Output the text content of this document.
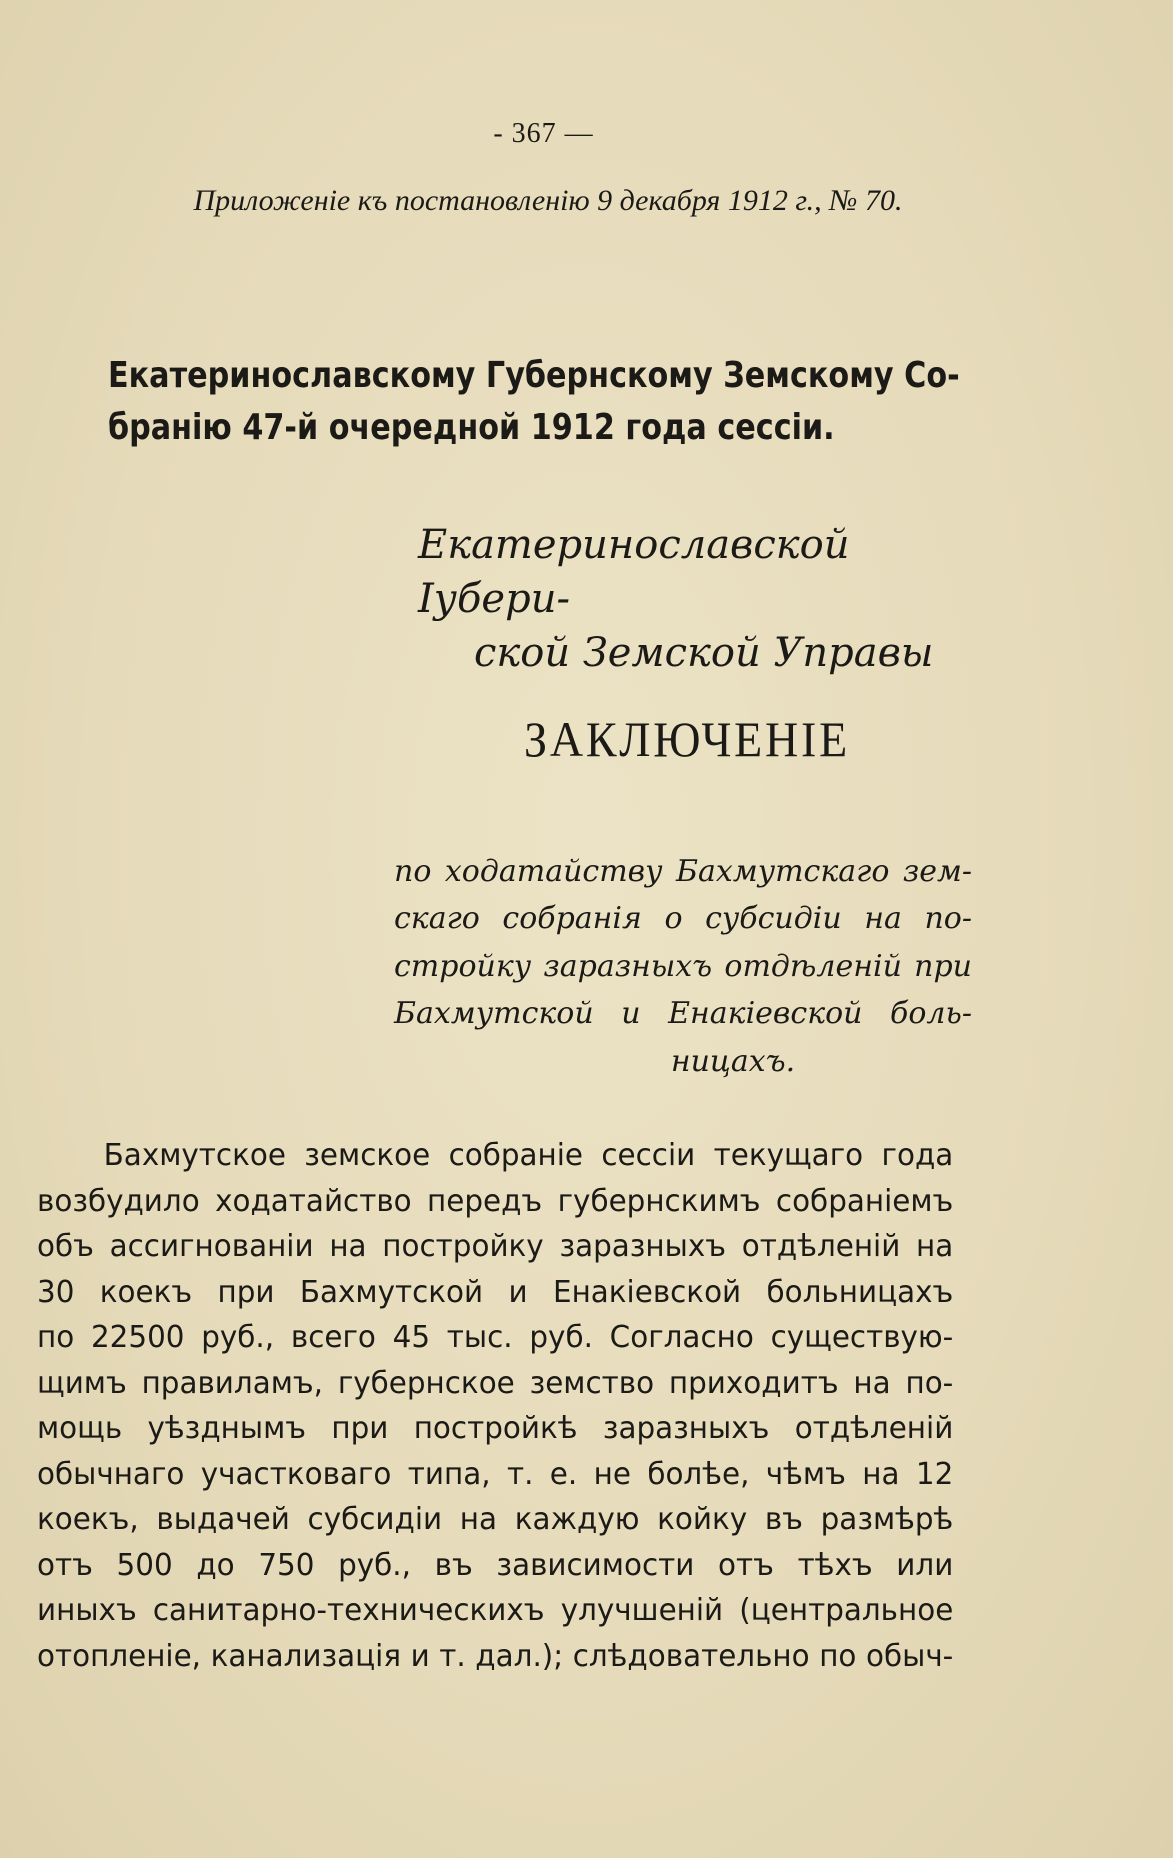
- 367 —
Приложенiе къ постановленiю 9 декабря 1912 г., № 70.
Екатеринославскому Губернскому Земскому Со-
бранiю 47-й очередной 1912 года сессiи.
Екатеринославской Iубери-
ской Земской Управы
ЗАКЛЮЧЕНIЕ
по ходатайству Бахмутскаго зем-
скаго собранiя о субсидiи на по-
стройку заразныхъ отдѣленiй при
Бахмутской и Енакiевской боль-
ницахъ.
Бахмутское земское собранiе сессiи текущаго года
возбудило ходатайство передъ губернскимъ собранiемъ
объ ассигнованiи на постройку заразныхъ отдѣленiй на
30 коекъ при Бахмутской и Енакiевской больницахъ
по 22500 руб., всего 45 тыс. руб. Согласно существую-
щимъ правиламъ, губернское земство приходитъ на по-
мощь уѣзднымъ при постройкѣ заразныхъ отдѣленiй
обычнаго участковаго типа, т. е. не болѣе, чѣмъ на 12
коекъ, выдачей субсидiи на каждую койку въ размѣрѣ
отъ 500 до 750 руб., въ зависимости отъ тѣхъ или
иныхъ санитарно-техническихъ улучшенiй (центральное
отопленiе, канализацiя и т. дал.); слѣдовательно по обыч-
